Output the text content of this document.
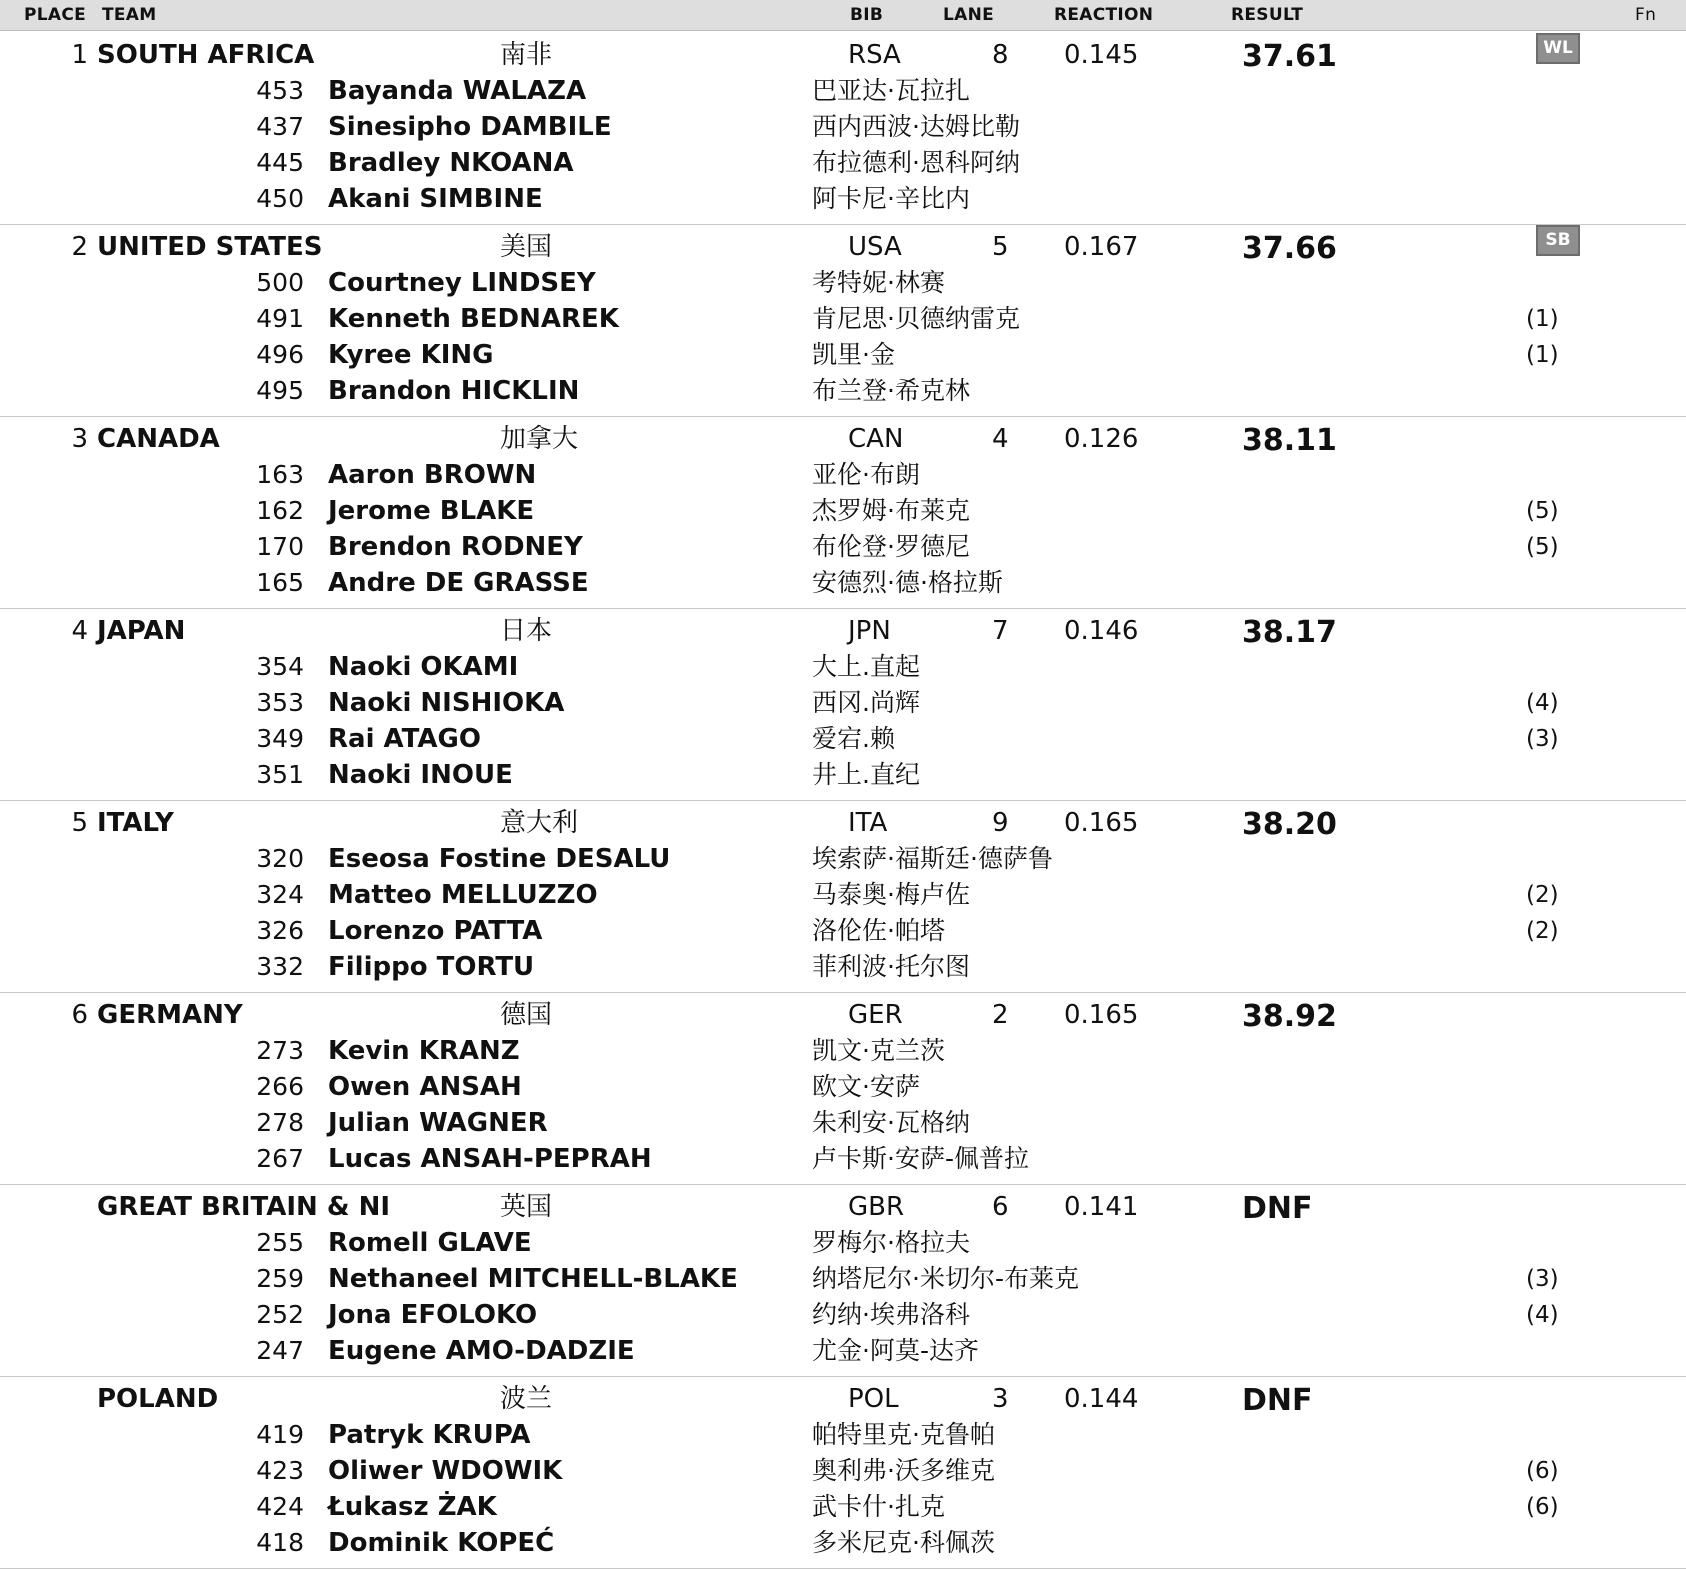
PLACE TEAM	BIB	LANE	REACTION	RESULT	Fn
1 SOUTH AFRICA	南非	RSA	8 0.145	37.61	WL
453 Bayanda WALAZA	巴亚达·瓦拉扎
437 Sinesipho DAMBILE	西内西波·达姆比勒
445 Bradley NKOANA	布拉德利·恩科阿纳
450 Akani SIMBINE	阿卡尼·辛比内
2 UNITED STATES	美国	USA	5 0.167	37.66	SB
500 Courtney LINDSEY	考特妮·林赛
491 Kenneth BEDNAREK	肯尼思·贝德纳雷克	(1)
496 Kyree KING	凯里·金	(1)
495 Brandon HICKLIN	布兰登·希克林
3 CANADA	加拿大	CAN	4 0.126	38.11
163 Aaron BROWN	亚伦·布朗
162 Jerome BLAKE	杰罗姆·布莱克	(5)
170 Brendon RODNEY	布伦登·罗德尼	(5)
165 Andre DE GRASSE	安德烈·德·格拉斯
4 JAPAN	日本	JPN	7 0.146	38.17
354 Naoki OKAMI	大上.直起
353 Naoki NISHIOKA	西冈.尚辉	(4)
349 Rai ATAGO	爱宕.赖	(3)
351 Naoki INOUE	井上.直纪
5 ITALY	意大利	ITA	9 0.165	38.20
320 Eseosa Fostine DESALU	埃索萨·福斯廷·德萨鲁
324 Matteo MELLUZZO	马泰奥·梅卢佐	(2)
326 Lorenzo PATTA	洛伦佐·帕塔	(2)
332 Filippo TORTU	菲利波·托尔图
6 GERMANY	德国	GER	2 0.165	38.92
273 Kevin KRANZ	凯文·克兰茨
266 Owen ANSAH	欧文·安萨
278 Julian WAGNER	朱利安·瓦格纳
267 Lucas ANSAH-PEPRAH	卢卡斯·安萨-佩普拉
GREAT BRITAIN & NI	英国	GBR	6 0.141	DNF
255 Romell GLAVE	罗梅尔·格拉夫
259 Nethaneel MITCHELL-BLAKE	纳塔尼尔·米切尔-布莱克	(3)
252 Jona EFOLOKO	约纳·埃弗洛科	(4)
247 Eugene AMO-DADZIE	尤金·阿莫-达齐
POLAND	波兰	POL	3 0.144	DNF
419 Patryk KRUPA	帕特里克·克鲁帕
423 Oliwer WDOWIK	奥利弗·沃多维克	(6)
424 Łukasz ŻAK	武卡什·扎克	(6)
418 Dominik KOPEĆ	多米尼克·科佩茨
